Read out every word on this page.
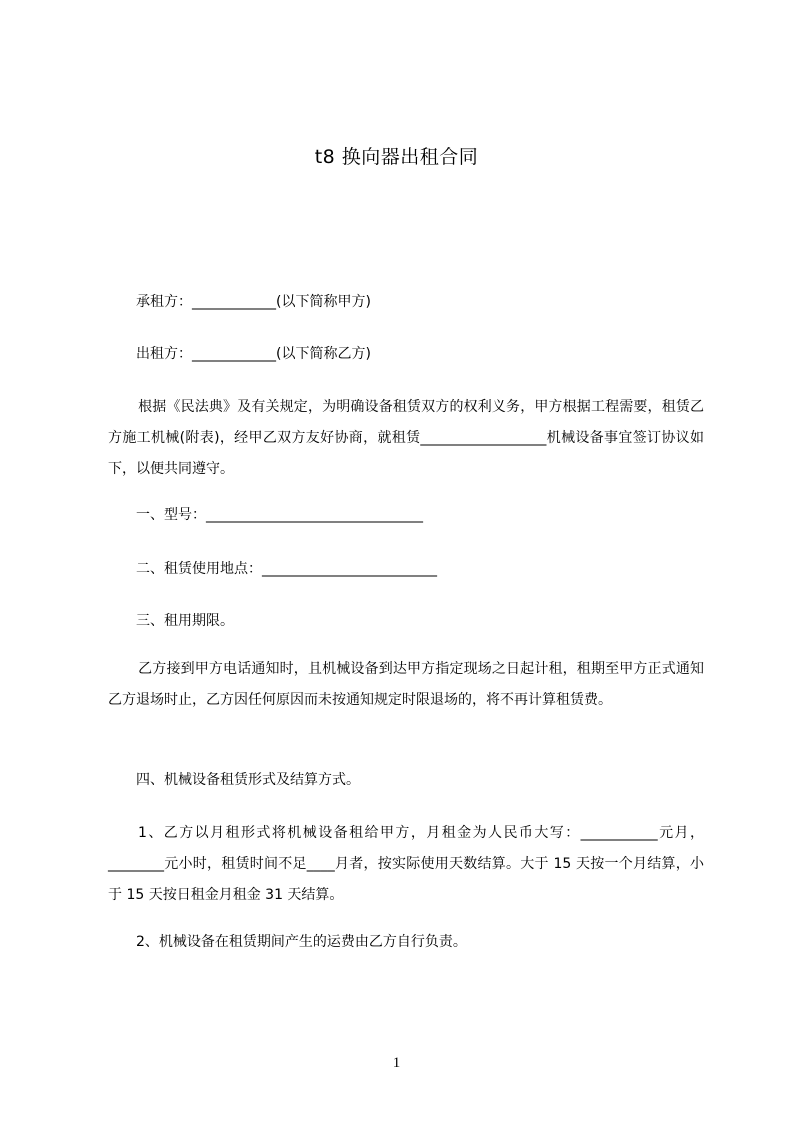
t8 换向器出租合同
承租方：____________(以下简称甲方)
出租方：____________(以下简称乙方)
根据《民法典》及有关规定，为明确设备租赁双方的权利义务，甲方根据工程需要，租赁乙方施工机械(附表)，经甲乙双方友好协商，就租赁__________________机械设备事宜签订协议如下，以便共同遵守。
一、型号：_______________________________
二、租赁使用地点：_________________________
三、租用期限。
乙方接到甲方电话通知时，且机械设备到达甲方指定现场之日起计租，租期至甲方正式通知乙方退场时止，乙方因任何原因而未按通知规定时限退场的，将不再计算租赁费。
四、机械设备租赁形式及结算方式。
1、乙方以月租形式将机械设备租给甲方，月租金为人民币大写：___________元月，________元小时，租赁时间不足____月者，按实际使用天数结算。大于 15 天按一个月结算，小于 15 天按日租金月租金 31 天结算。
2、机械设备在租赁期间产生的运费由乙方自行负责。
1
